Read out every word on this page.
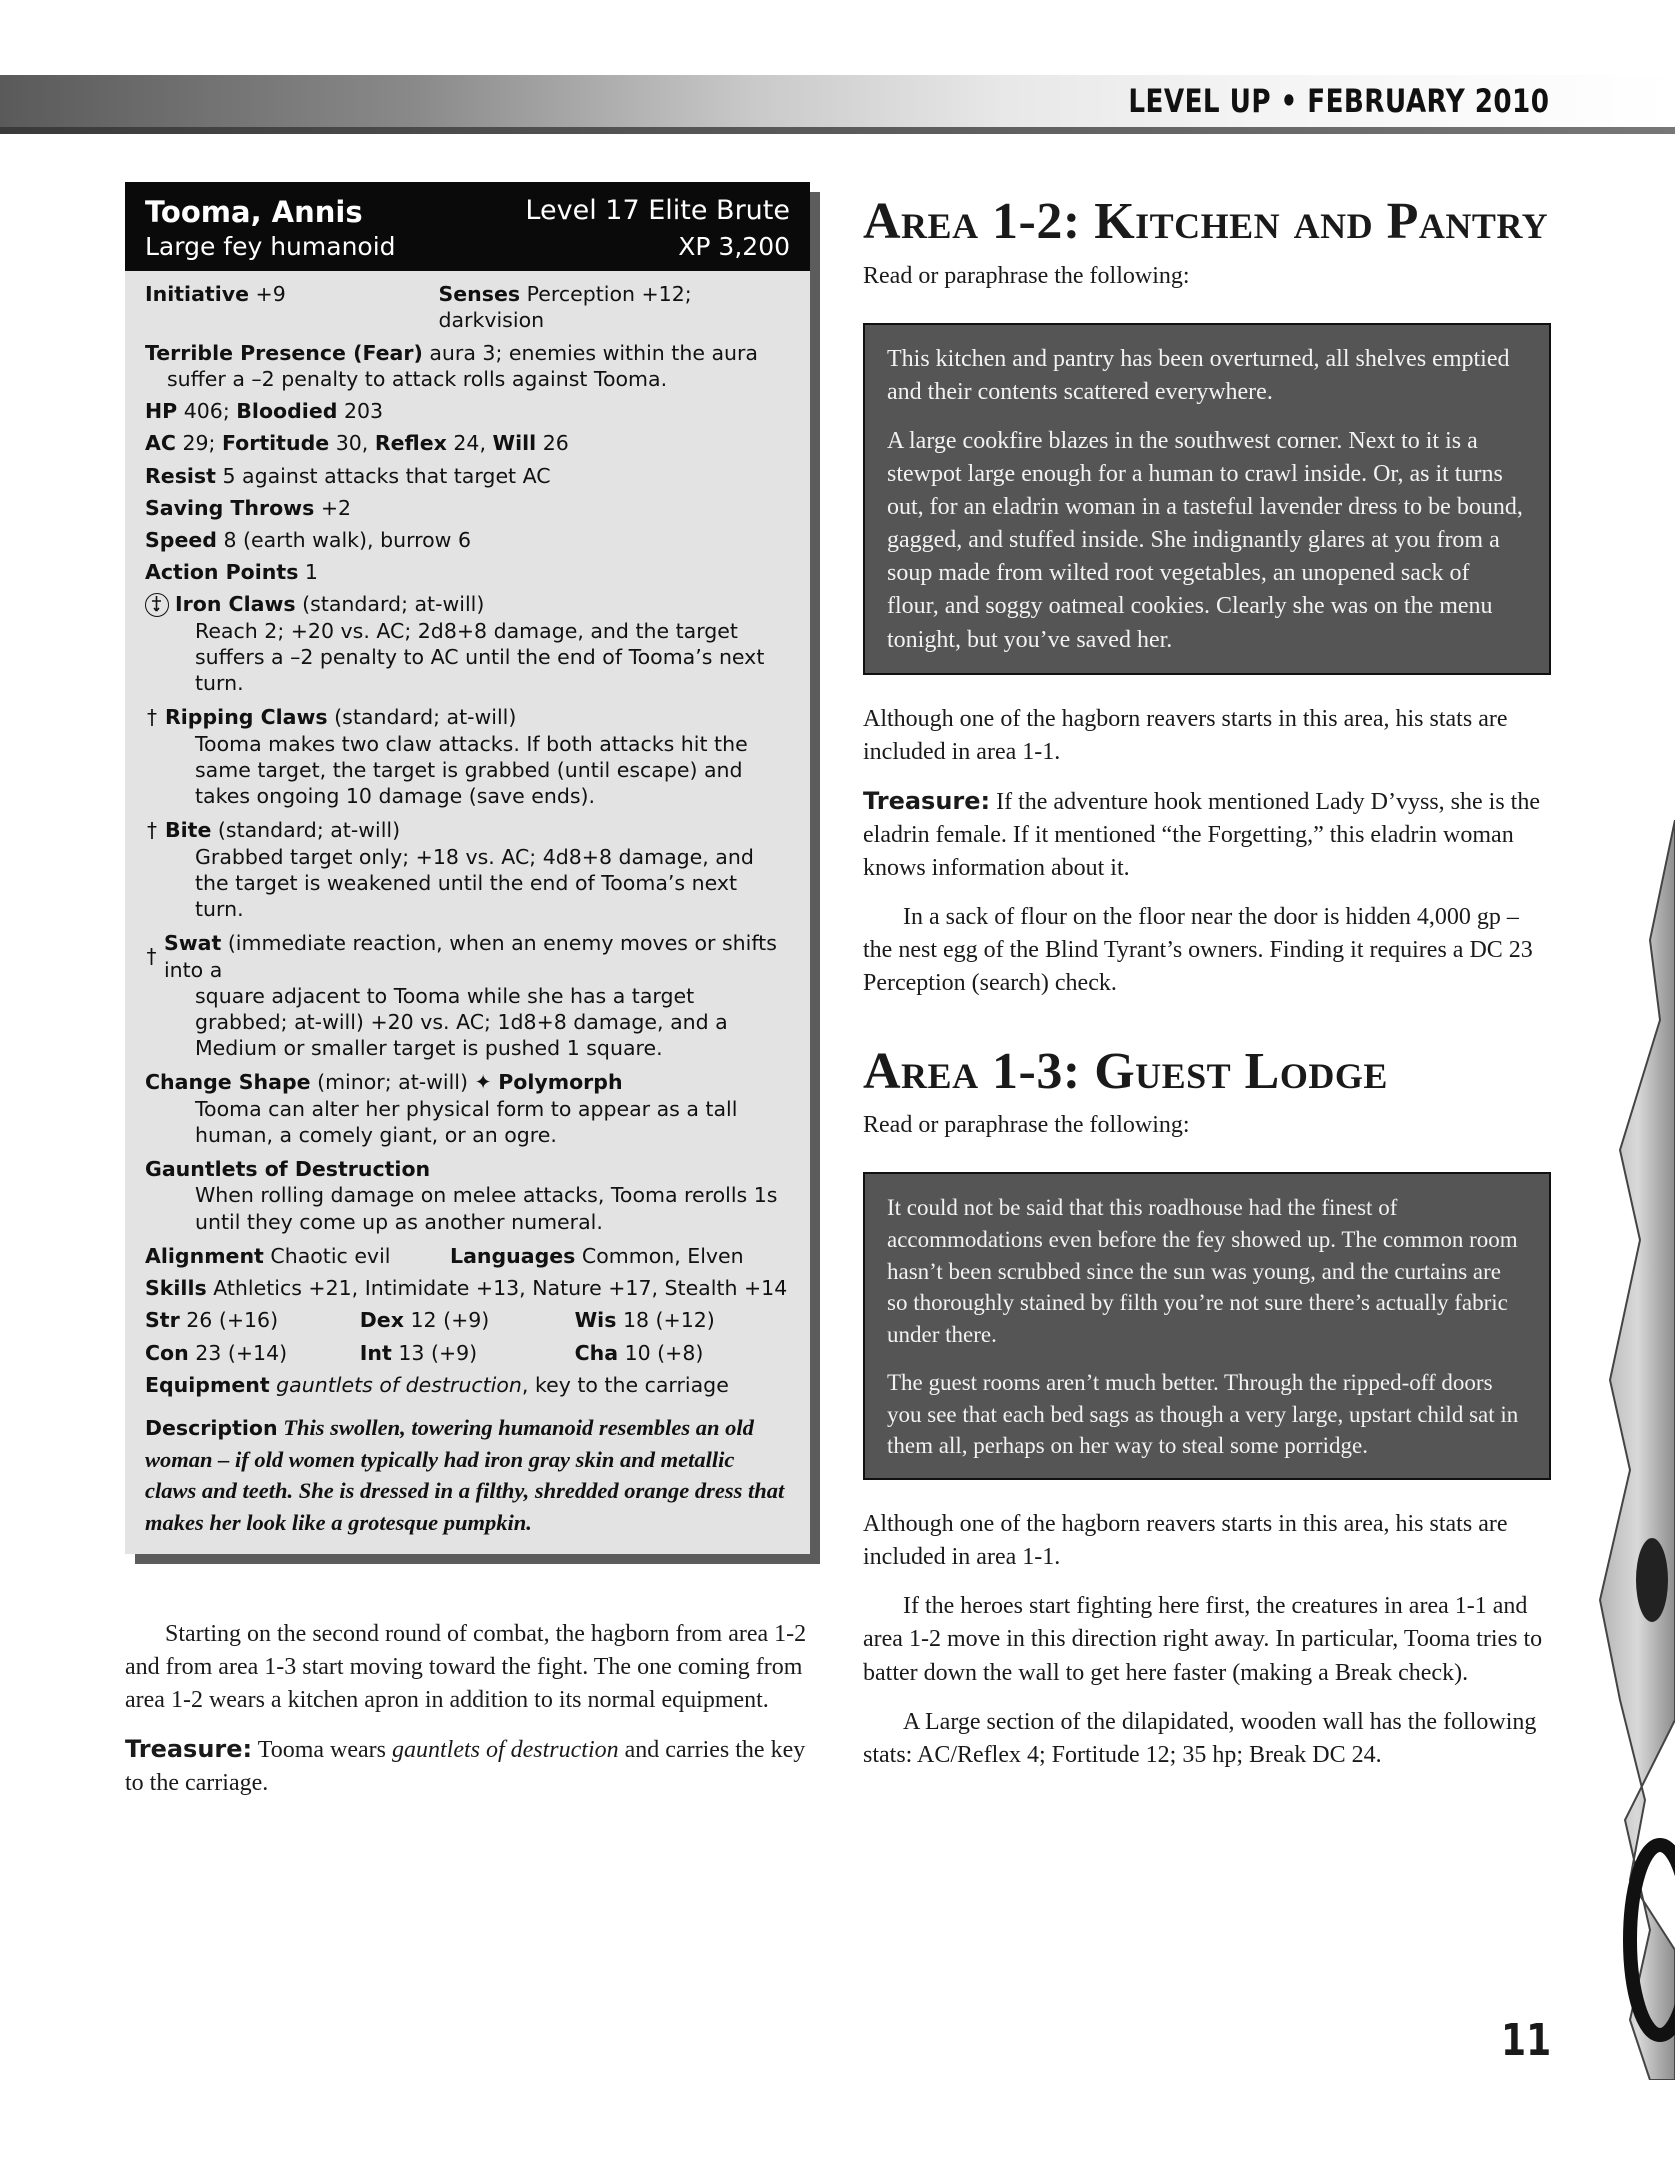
LEVEL UP • FEBRUARY 2010
Tooma, Annis	Level 17 Elite Brute
Large fey humanoid	XP 3,200
Initiative +9	Senses Perception +12; darkvision
Terrible Presence (Fear) aura 3; enemies within the aura suffer a –2 penalty to attack rolls against Tooma.
HP 406; Bloodied 203
AC 29; Fortitude 30, Reflex 24, Will 26
Resist 5 against attacks that target AC
Saving Throws +2
Speed 8 (earth walk), burrow 6
Action Points 1
Iron Claws (standard; at-will)
Reach 2; +20 vs. AC; 2d8+8 damage, and the target suffers a –2 penalty to AC until the end of Tooma’s next turn.
† Ripping Claws (standard; at-will)
Tooma makes two claw attacks. If both attacks hit the same target, the target is grabbed (until escape) and takes ongoing 10 damage (save ends).
† Bite (standard; at-will)
Grabbed target only; +18 vs. AC; 4d8+8 damage, and the target is weakened until the end of Tooma’s next turn.
†
Swat (immediate reaction, when an enemy moves or shifts into a
square adjacent to Tooma while she has a target grabbed; at-will) +20 vs. AC; 1d8+8 damage, and a Medium or smaller target is pushed 1 square.
Change Shape (minor; at-will) ✦ Polymorph
Tooma can alter her physical form to appear as a tall human, a comely giant, or an ogre.
Gauntlets of Destruction
When rolling damage on melee attacks, Tooma rerolls 1s until they come up as another numeral.
Alignment Chaotic evil	Languages Common, Elven
Skills Athletics +21, Intimidate +13, Nature +17, Stealth +14
Str 26 (+16)	Dex 12 (+9)	Wis 18 (+12)
Con 23 (+14)	Int 13 (+9)	Cha 10 (+8)
Equipment gauntlets of destruction, key to the carriage
Description This swollen, towering humanoid resembles an old woman – if old women typically had iron gray skin and metallic claws and teeth. She is dressed in a filthy, shredded orange dress that makes her look like a grotesque pumpkin.

Starting on the second round of combat, the hagborn from area 1-2 and from area 1-3 start moving toward the fight. The one coming from area 1-2 wears a kitchen apron in addition to its normal equipment.

Treasure: Tooma wears gauntlets of destruction and carries the key to the carriage.

Area 1-2: Kitchen and Pantry

Read or paraphrase the following:

This kitchen and pantry has been overturned, all shelves emptied and their contents scattered everywhere.

A large cookfire blazes in the southwest corner. Next to it is a stewpot large enough for a human to crawl inside. Or, as it turns out, for an eladrin woman in a tasteful lavender dress to be bound, gagged, and stuffed inside. She indignantly glares at you from a soup made from wilted root vegetables, an unopened sack of flour, and soggy oatmeal cookies. Clearly she was on the menu tonight, but you’ve saved her.

Although one of the hagborn reavers starts in this area, his stats are included in area 1-1.

Treasure: If the adventure hook mentioned Lady D’vyss, she is the eladrin female. If it mentioned “the Forgetting,” this eladrin woman knows information about it.

In a sack of flour on the floor near the door is hidden 4,000 gp – the nest egg of the Blind Tyrant’s owners. Finding it requires a DC 23 Perception (search) check.

Area 1-3: Guest Lodge

Read or paraphrase the following:

It could not be said that this roadhouse had the finest of accommodations even before the fey showed up. The common room hasn’t been scrubbed since the sun was young, and the curtains are so thoroughly stained by filth you’re not sure there’s actually fabric under there.

The guest rooms aren’t much better. Through the ripped-off doors you see that each bed sags as though a very large, upstart child sat in them all, perhaps on her way to steal some porridge.

Although one of the hagborn reavers starts in this area, his stats are included in area 1-1.

If the heroes start fighting here first, the creatures in area 1-1 and area 1-2 move in this direction right away. In particular, Tooma tries to batter down the wall to get here faster (making a Break check).

A Large section of the dilapidated, wooden wall has the following stats: AC/Reflex 4; Fortitude 12; 35 hp; Break DC 24.

11
